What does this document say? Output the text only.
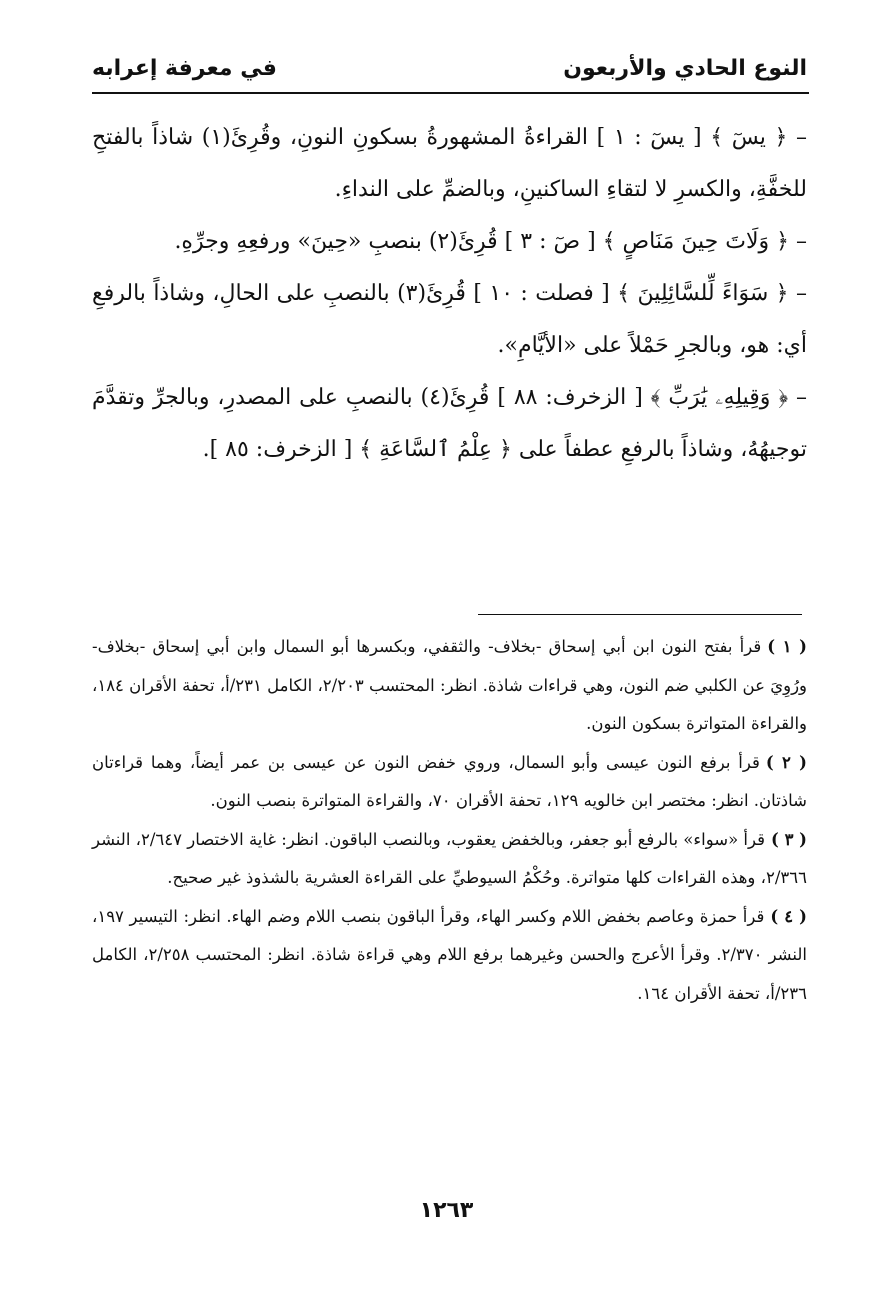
النوع الحادي والأربعون
في معرفة إعرابه

– ﴿ يسٓ ﴾ [ يسٓ : ١ ] القراءةُ المشهورةُ بسكونِ النونِ، وقُرِئَ(١) شاذاً بالفتحِ للخفَّةِ، والكسرِ لا لتقاءِ الساكنينِ، وبالضمِّ على النداءِ.

– ﴿ وَلَاتَ حِينَ مَنَاصٍ ﴾ [ صٓ : ٣ ] قُرِئَ(٢) بنصبِ «حِينَ» ورفعِهِ وجرِّهِ.

– ﴿ سَوَاءً لِّلسَّائِلِينَ ﴾ [ فصلت : ١٠ ] قُرِئَ(٣) بالنصبِ على الحالِ، وشاذاً بالرفعِ أي: هو، وبالجرِ حَمْلاً على «الأيَّامِ».

– ﴿ وَقِيلِهِۦ يَٰرَبِّ ﴾ [ الزخرف: ٨٨ ] قُرِئَ(٤) بالنصبِ على المصدرِ، وبالجرِّ وتقدَّمَ توجيهُهُ، وشاذاً بالرفعِ عطفاً على ﴿ عِلْمُ ٱلسَّاعَةِ ﴾ [ الزخرف: ٨٥ ].

( ١ )قرأ بفتح النون ابن أبي إسحاق -بخلاف- والثقفي، وبكسرها أبو السمال وابن أبي إسحاق -بخلاف- ورُوِيَ عن الكلبي ضم النون، وهي قراءات شاذة. انظر: المحتسب ٢/٢٠٣، الكامل ٢٣١/أ، تحفة الأقران ١٨٤، والقراءة المتواترة بسكون النون.

( ٢ )قرأ برفع النون عيسى وأبو السمال، وروي خفض النون عن عيسى بن عمر أيضاً، وهما قراءتان شاذتان. انظر: مختصر ابن خالويه ١٢٩، تحفة الأقران ٧٠، والقراءة المتواترة بنصب النون.

( ٣ )قرأ «سواء» بالرفع أبو جعفر، وبالخفض يعقوب، وبالنصب الباقون. انظر: غاية الاختصار ٢/٦٤٧، النشر ٢/٣٦٦، وهذه القراءات كلها متواترة. وحُكْمُ السيوطيِّ على القراءة العشرية بالشذوذ غير صحيح.

( ٤ )قرأ حمزة وعاصم بخفض اللام وكسر الهاء، وقرأ الباقون بنصب اللام وضم الهاء. انظر: التيسير ١٩٧، النشر ٢/٣٧٠. وقرأ الأعرج والحسن وغيرهما برفع اللام وهي قراءة شاذة. انظر: المحتسب ٢/٢٥٨، الكامل ٢٣٦/أ، تحفة الأقران ١٦٤.

١٢٦٣
